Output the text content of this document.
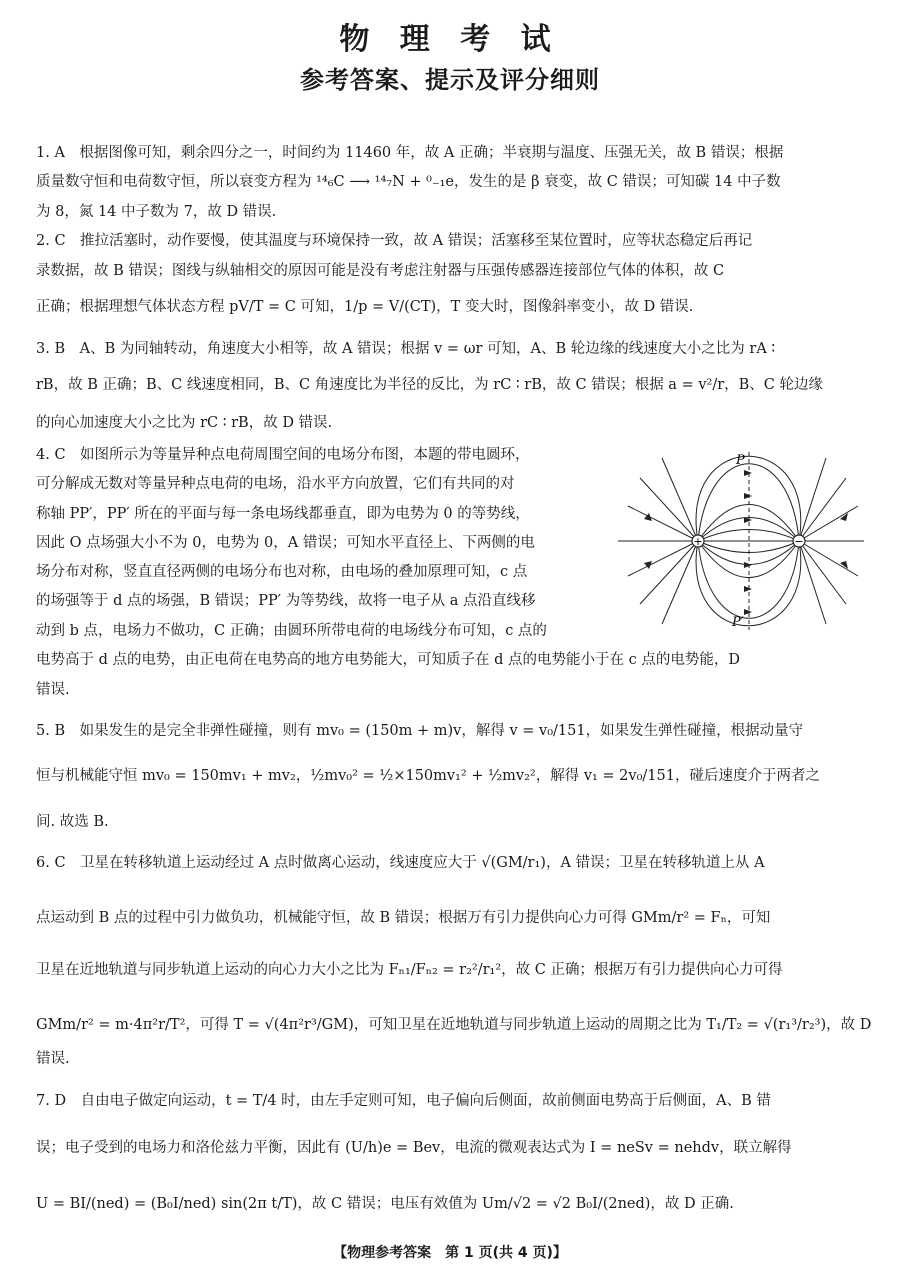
物 理 考 试
参考答案、提示及评分细则
1. A　根据图像可知，剩余四分之一，时间约为 11460 年，故 A 正确；半衰期与温度、压强无关，故 B 错误；根据
质量数守恒和电荷数守恒，所以衰变方程为 ¹⁴₆C ⟶ ¹⁴₇N + ⁰₋₁e，发生的是 β 衰变，故 C 错误；可知碳 14 中子数
为 8，氮 14 中子数为 7，故 D 错误.
2. C　推拉活塞时，动作要慢，使其温度与环境保持一致，故 A 错误；活塞移至某位置时，应等状态稳定后再记
录数据，故 B 错误；图线与纵轴相交的原因可能是没有考虑注射器与压强传感器连接部位气体的体积，故 C
正确；根据理想气体状态方程 pV/T = C 可知，1/p = V/(CT)，T 变大时，图像斜率变小，故 D 错误.
3. B　A、B 为同轴转动，角速度大小相等，故 A 错误；根据 v = ωr 可知，A、B 轮边缘的线速度大小之比为 rA ∶
rB，故 B 正确；B、C 线速度相同，B、C 角速度比为半径的反比，为 rC ∶ rB，故 C 错误；根据 a = v²/r，B、C 轮边缘
的向心加速度大小之比为 rC ∶ rB，故 D 错误.
4. C　如图所示为等量异种点电荷周围空间的电场分布图，本题的带电圆环，
可分解成无数对等量异种点电荷的电场，沿水平方向放置，它们有共同的对
称轴 PP′，PP′ 所在的平面与每一条电场线都垂直，即为电势为 0 的等势线，
因此 O 点场强大小不为 0，电势为 0，A 错误；可知水平直径上、下两侧的电
场分布对称，竖直直径两侧的电场分布也对称，由电场的叠加原理可知，c 点
的场强等于 d 点的场强，B 错误；PP′ 为等势线，故将一电子从 a 点沿直线移
动到 b 点，电场力不做功，C 正确；由圆环所带电荷的电场线分布可知，c 点的
电势高于 d 点的电势，由正电荷在电势高的地方电势能大，可知质子在 d 点的电势能小于在 c 点的电势能，D
错误.
+	−
P
P′
5. B　如果发生的是完全非弹性碰撞，则有 mv₀ = (150m + m)v，解得 v = v₀/151，如果发生弹性碰撞，根据动量守
恒与机械能守恒 mv₀ = 150mv₁ + mv₂，½mv₀² = ½×150mv₁² + ½mv₂²，解得 v₁ = 2v₀/151，碰后速度介于两者之
间. 故选 B.
6. C　卫星在转移轨道上运动经过 A 点时做离心运动，线速度应大于 √(GM/r₁)，A 错误；卫星在转移轨道上从 A
点运动到 B 点的过程中引力做负功，机械能守恒，故 B 错误；根据万有引力提供向心力可得 GMm/r² = Fₙ，可知
卫星在近地轨道与同步轨道上运动的向心力大小之比为 Fₙ₁/Fₙ₂ = r₂²/r₁²，故 C 正确；根据万有引力提供向心力可得
GMm/r² = m·4π²r/T²，可得 T = √(4π²r³/GM)，可知卫星在近地轨道与同步轨道上运动的周期之比为 T₁/T₂ = √(r₁³/r₂³)，故 D
错误.
7. D　自由电子做定向运动，t = T/4 时，由左手定则可知，电子偏向后侧面，故前侧面电势高于后侧面，A、B 错
误；电子受到的电场力和洛伦兹力平衡，因此有 (U/h)e = Bev，电流的微观表达式为 I = neSv = nehdv，联立解得
U = BI/(ned) = (B₀I/ned) sin(2π t/T)，故 C 错误；电压有效值为 Um/√2 = √2 B₀I/(2ned)，故 D 正确.
【物理参考答案　第 1 页(共 4 页)】
